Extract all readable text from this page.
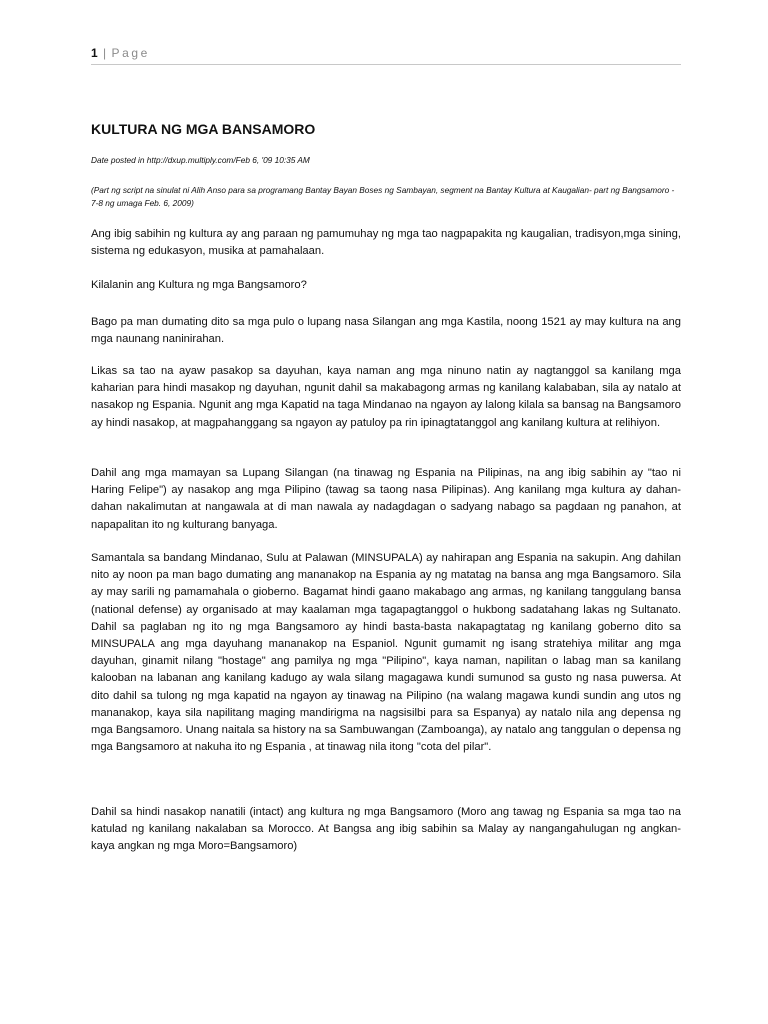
1 | Page
KULTURA NG MGA BANSAMORO

Date posted in http://dxup.multiply.com/Feb 6, '09 10:35 AM

(Part ng script na sinulat ni Alih Anso para sa programang Bantay Bayan Boses ng Sambayan, segment na Bantay Kultura at Kaugalian- part ng Bangsamoro - 7-8 ng umaga Feb. 6, 2009)

Ang ibig sabihin ng kultura ay ang paraan ng pamumuhay ng mga tao nagpapakita ng kaugalian, tradisyon,mga sining, sistema ng edukasyon, musika at pamahalaan.

Kilalanin ang Kultura ng mga Bangsamoro?

Bago pa man dumating dito sa mga pulo o lupang nasa Silangan ang mga Kastila, noong 1521 ay may kultura na ang mga naunang naninirahan.

Likas sa tao na ayaw pasakop sa dayuhan, kaya naman ang mga ninuno natin ay nagtanggol sa kanilang mga kaharian para hindi masakop ng dayuhan, ngunit dahil sa makabagong armas ng kanilang kalababan, sila ay natalo at nasakop ng Espania. Ngunit ang mga Kapatid na taga Mindanao na ngayon ay lalong kilala sa bansag na Bangsamoro ay hindi nasakop, at magpahanggang sa ngayon ay patuloy pa rin ipinagtatanggol ang kanilang kultura at relihiyon.

Dahil ang mga mamayan sa Lupang Silangan (na tinawag ng Espania na Pilipinas, na ang ibig sabihin ay "tao ni Haring Felipe") ay nasakop ang mga Pilipino (tawag sa taong nasa Pilipinas). Ang kanilang mga kultura ay dahan-dahan nakalimutan at nangawala at di man nawala ay nadagdagan o sadyang nabago sa pagdaan ng panahon, at napapalitan ito ng kulturang banyaga.

Samantala sa bandang Mindanao, Sulu at Palawan (MINSUPALA) ay nahirapan ang Espania na sakupin. Ang dahilan nito ay noon pa man bago dumating ang mananakop na Espania ay ng matatag na bansa ang mga Bangsamoro. Sila ay may sarili ng pamamahala o gioberno. Bagamat hindi gaano makabago ang armas, ng kanilang tanggulang bansa (national defense) ay organisado at may kaalaman mga tagapagtanggol o hukbong sadatahang lakas ng Sultanato. Dahil sa paglaban ng ito ng mga Bangsamoro ay hindi basta-basta nakapagtatag ng kanilang goberno dito sa MINSUPALA ang mga dayuhang mananakop na Espaniol. Ngunit gumamit ng isang stratehiya militar ang mga dayuhan, ginamit nilang "hostage" ang pamilya ng mga "Pilipino", kaya naman, napilitan o labag man sa kanilang kalooban na labanan ang kanilang kadugo ay wala silang magagawa kundi sumunod sa gusto ng nasa puwersa. At dito dahil sa tulong ng mga kapatid na ngayon ay tinawag na Pilipino (na walang magawa kundi sundin ang utos ng mananakop, kaya sila napilitang maging mandirigma na nagsisilbi para sa Espanya) ay natalo nila ang depensa ng mga Bangsamoro. Unang naitala sa history na sa Sambuwangan (Zamboanga), ay natalo ang tanggulan o depensa ng mga Bangsamoro at nakuha ito ng Espania , at tinawag nila itong "cota del pilar".

Dahil sa hindi nasakop nanatili (intact) ang kultura ng mga Bangsamoro (Moro ang tawag ng Espania sa mga tao na katulad ng kanilang nakalaban sa Morocco. At Bangsa ang ibig sabihin sa Malay ay nangangahulugan ng angkan- kaya angkan ng mga Moro=Bangsamoro)
